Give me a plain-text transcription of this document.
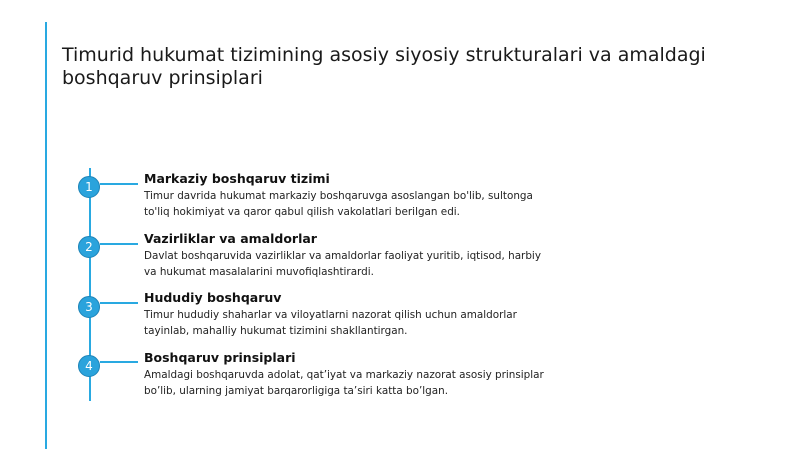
Timurid hukumat tizimining asosiy siyosiy strukturalari va amaldagi boshqaruv prinsiplari
1
Markaziy boshqaruv tizimi
Timur davrida hukumat markaziy boshqaruvga asoslangan bo'lib, sultonga to'liq hokimiyat va qaror qabul qilish vakolatlari berilgan edi.
2
Vazirliklar va amaldorlar
Davlat boshqaruvida vazirliklar va amaldorlar faoliyat yuritib, iqtisod, harbiy va hukumat masalalarini muvofiqlashtirardi.
3
Hududiy boshqaruv
Timur hududiy shaharlar va viloyatlarni nazorat qilish uchun amaldorlar tayinlab, mahalliy hukumat tizimini shakllantirgan.
4
Boshqaruv prinsiplari
Amaldagi boshqaruvda adolat, qat’iyat va markaziy nazorat asosiy prinsiplar bo’lib, ularning jamiyat barqarorligiga ta’siri katta bo’lgan.
